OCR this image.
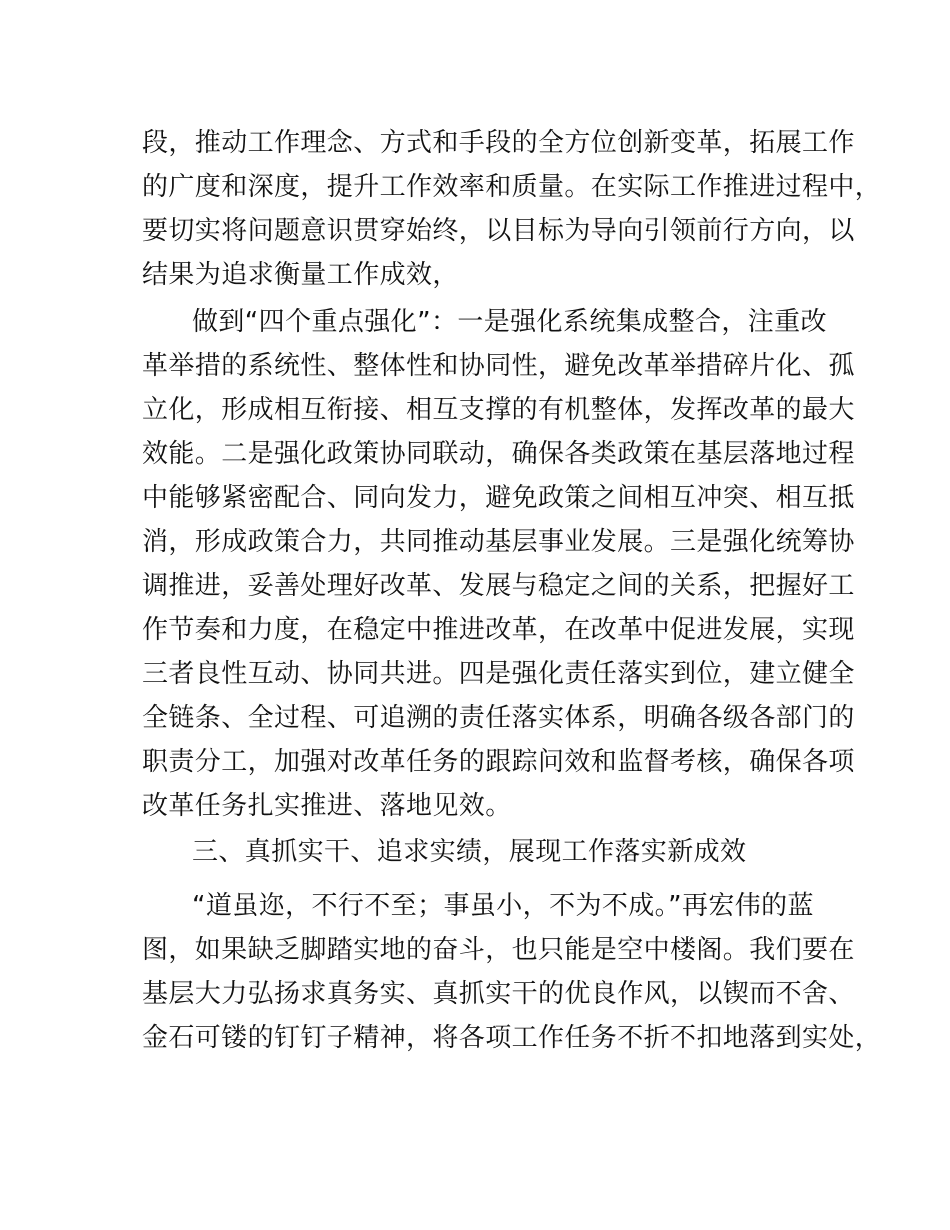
段，推动工作理念、方式和手段的全方位创新变革，拓展工作
的广度和深度，提升工作效率和质量。在实际工作推进过程中，
要切实将问题意识贯穿始终，以目标为导向引领前行方向，以
结果为追求衡量工作成效，
做到“四个重点强化”：一是强化系统集成整合，注重改
革举措的系统性、整体性和协同性，避免改革举措碎片化、孤
立化，形成相互衔接、相互支撑的有机整体，发挥改革的最大
效能。二是强化政策协同联动，确保各类政策在基层落地过程
中能够紧密配合、同向发力，避免政策之间相互冲突、相互抵
消，形成政策合力，共同推动基层事业发展。三是强化统筹协
调推进，妥善处理好改革、发展与稳定之间的关系，把握好工
作节奏和力度，在稳定中推进改革，在改革中促进发展，实现
三者良性互动、协同共进。四是强化责任落实到位，建立健全
全链条、全过程、可追溯的责任落实体系，明确各级各部门的
职责分工，加强对改革任务的跟踪问效和监督考核，确保各项
改革任务扎实推进、落地见效。
三、真抓实干、追求实绩，展现工作落实新成效
“道虽迩，不行不至；事虽小，不为不成。”再宏伟的蓝
图，如果缺乏脚踏实地的奋斗，也只能是空中楼阁。我们要在
基层大力弘扬求真务实、真抓实干的优良作风，以锲而不舍、
金石可镂的钉钉子精神，将各项工作任务不折不扣地落到实处，
